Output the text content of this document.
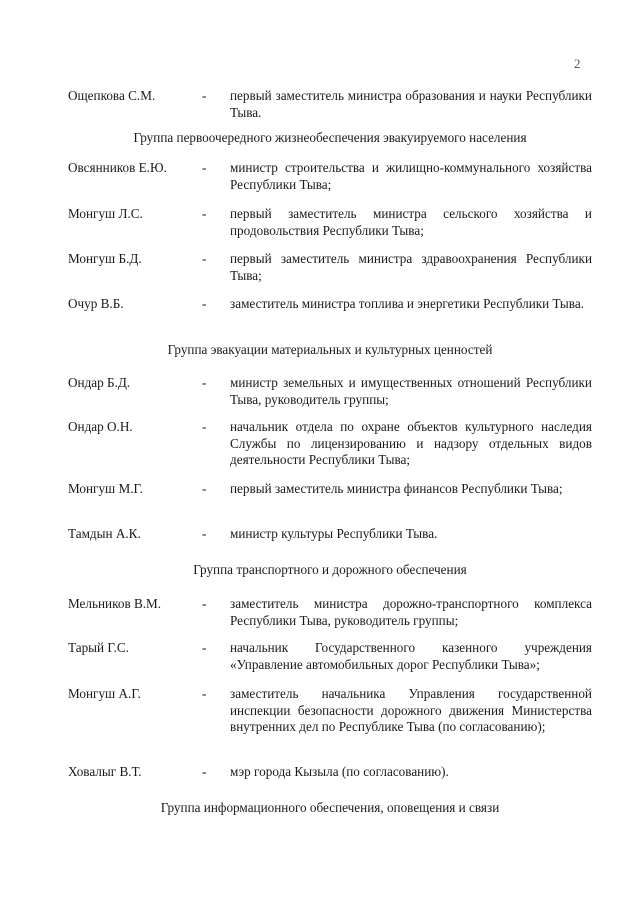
2
Ощепкова С.М.	- первый заместитель министра образования и науки Республики Тыва.
Группа первоочередного жизнеобеспечения эвакуируемого населения
Овсянников Е.Ю.	- министр строительства и жилищно-коммунального хозяйства Республики Тыва;
Монгуш Л.С.	- первый заместитель министра сельского хозяйства и продовольствия Республики Тыва;
Монгуш Б.Д.	- первый заместитель министра здравоохранения Республики Тыва;
Очур В.Б.	- заместитель министра топлива и энергетики Республики Тыва.
Группа эвакуации материальных и культурных ценностей
Ондар Б.Д.	- министр земельных и имущественных отношений Республики Тыва, руководитель группы;
Ондар О.Н.	- начальник отдела по охране объектов культурного наследия Службы по лицензированию и надзору отдельных видов деятельности Республики Тыва;
Монгуш М.Г.	- первый заместитель министра финансов Республики Тыва;
Тамдын А.К.	- министр культуры Республики Тыва.
Группа транспортного и дорожного обеспечения
Мельников В.М.	- заместитель министра дорожно-транспортного комплекса Республики Тыва, руководитель группы;
Тарый Г.С.	- начальник Государственного казенного учреждения «Управление автомобильных дорог Республики Тыва»;
Монгуш А.Г.	- заместитель начальника Управления государственной инспекции безопасности дорожного движения Министерства внутренних дел по Республике Тыва (по согласованию);
Ховалыг В.Т.	- мэр города Кызыла (по согласованию).
Группа информационного обеспечения, оповещения и связи
